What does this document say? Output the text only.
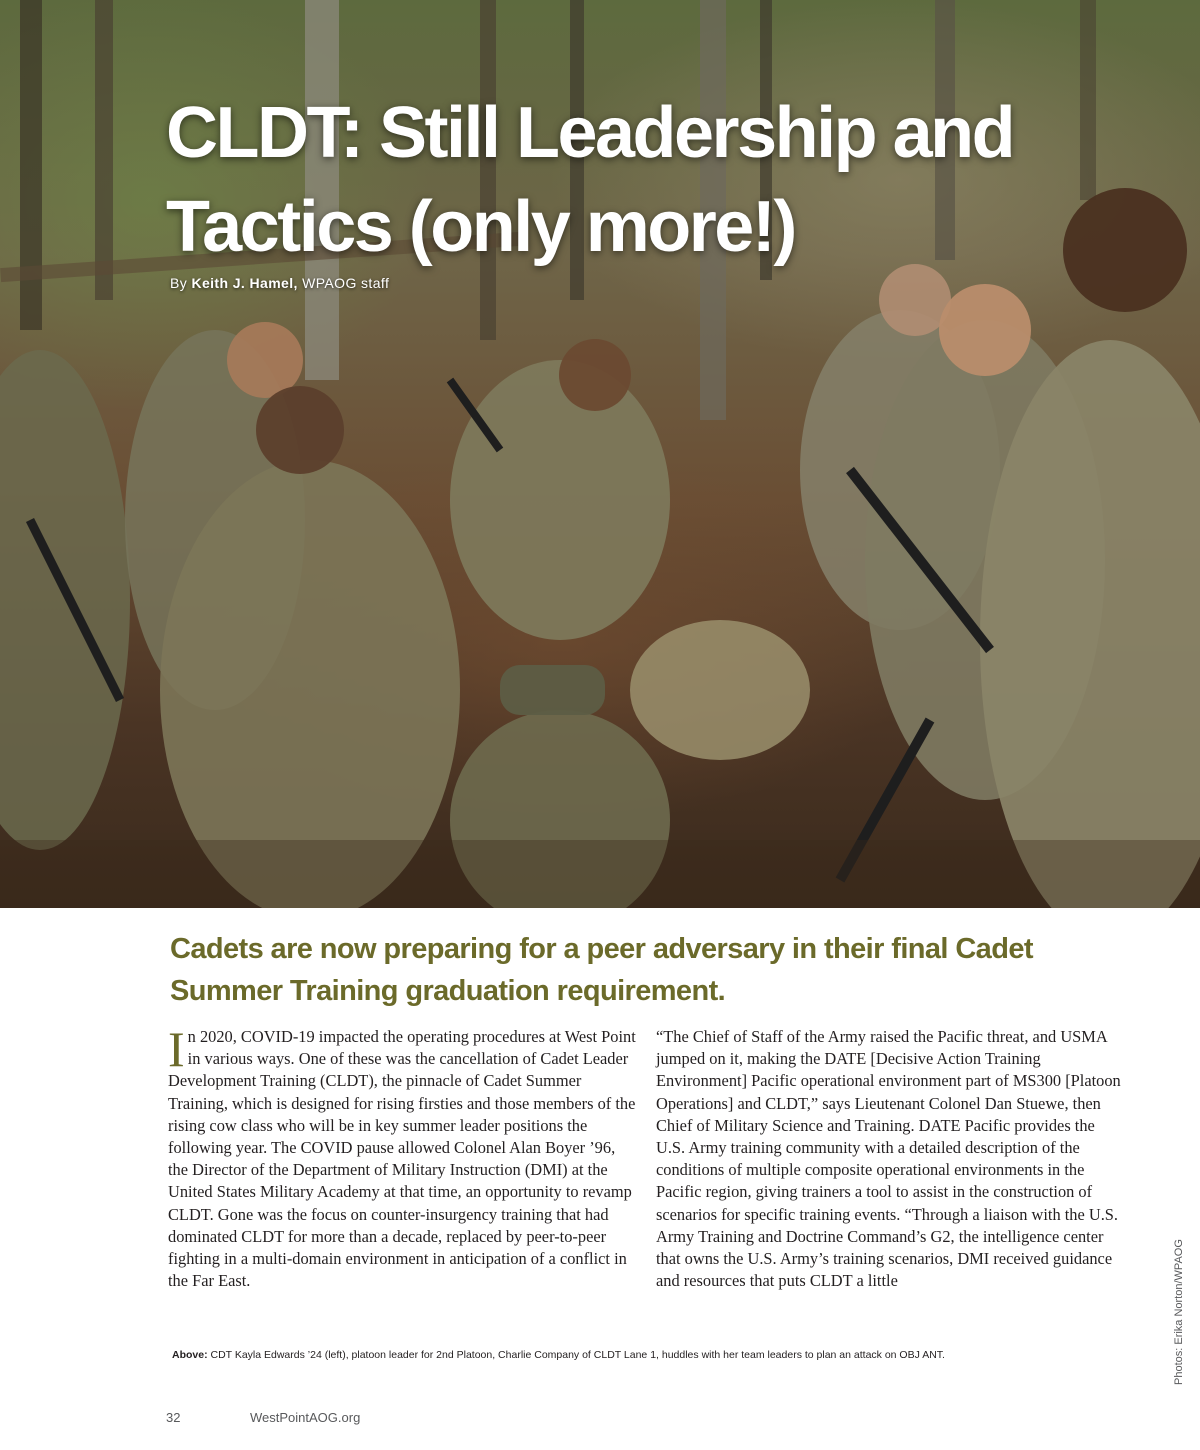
CLDT: Still Leadership and
Tactics (only more!)
By Keith J. Hamel, WPAOG staff
Cadets are now preparing for a peer adversary in their final Cadet Summer Training graduation requirement.

In 2020, COVID-19 impacted the operating procedures at West Point in various ways. One of these was the cancellation of Cadet Leader Development Training (CLDT), the pinnacle of Cadet Summer Training, which is designed for rising firsties and those members of the rising cow class who will be in key summer leader positions the following year. The COVID pause allowed Colonel Alan Boyer ’96, the Director of the Department of Military Instruction (DMI) at the United States Military Academy at that time, an opportunity to revamp CLDT. Gone was the focus on counter-insurgency training that had dominated CLDT for more than a decade, replaced by peer-to-peer fighting in a multi-domain environment in anticipation of a conflict in the Far East.

“The Chief of Staff of the Army raised the Pacific threat, and USMA jumped on it, making the DATE [Decisive Action Training Environment] Pacific operational environment part of MS300 [Platoon Operations] and CLDT,” says Lieutenant Colonel Dan Stuewe, then Chief of Military Science and Training. DATE Pacific provides the U.S. Army training community with a detailed description of the conditions of multiple composite operational environments in the Pacific region, giving trainers a tool to assist in the construction of scenarios for specific training events. “Through a liaison with the U.S. Army Training and Doctrine Command’s G2, the intelligence center that owns the U.S. Army’s training scenarios, DMI received guidance and resources that puts CLDT a little

Above: CDT Kayla Edwards ’24 (left), platoon leader for 2nd Platoon, Charlie Company of CLDT Lane 1, huddles with her team leaders to plan an attack on OBJ ANT.	Photos: Erika Norton/WPAOG
32	WestPointAOG.org
